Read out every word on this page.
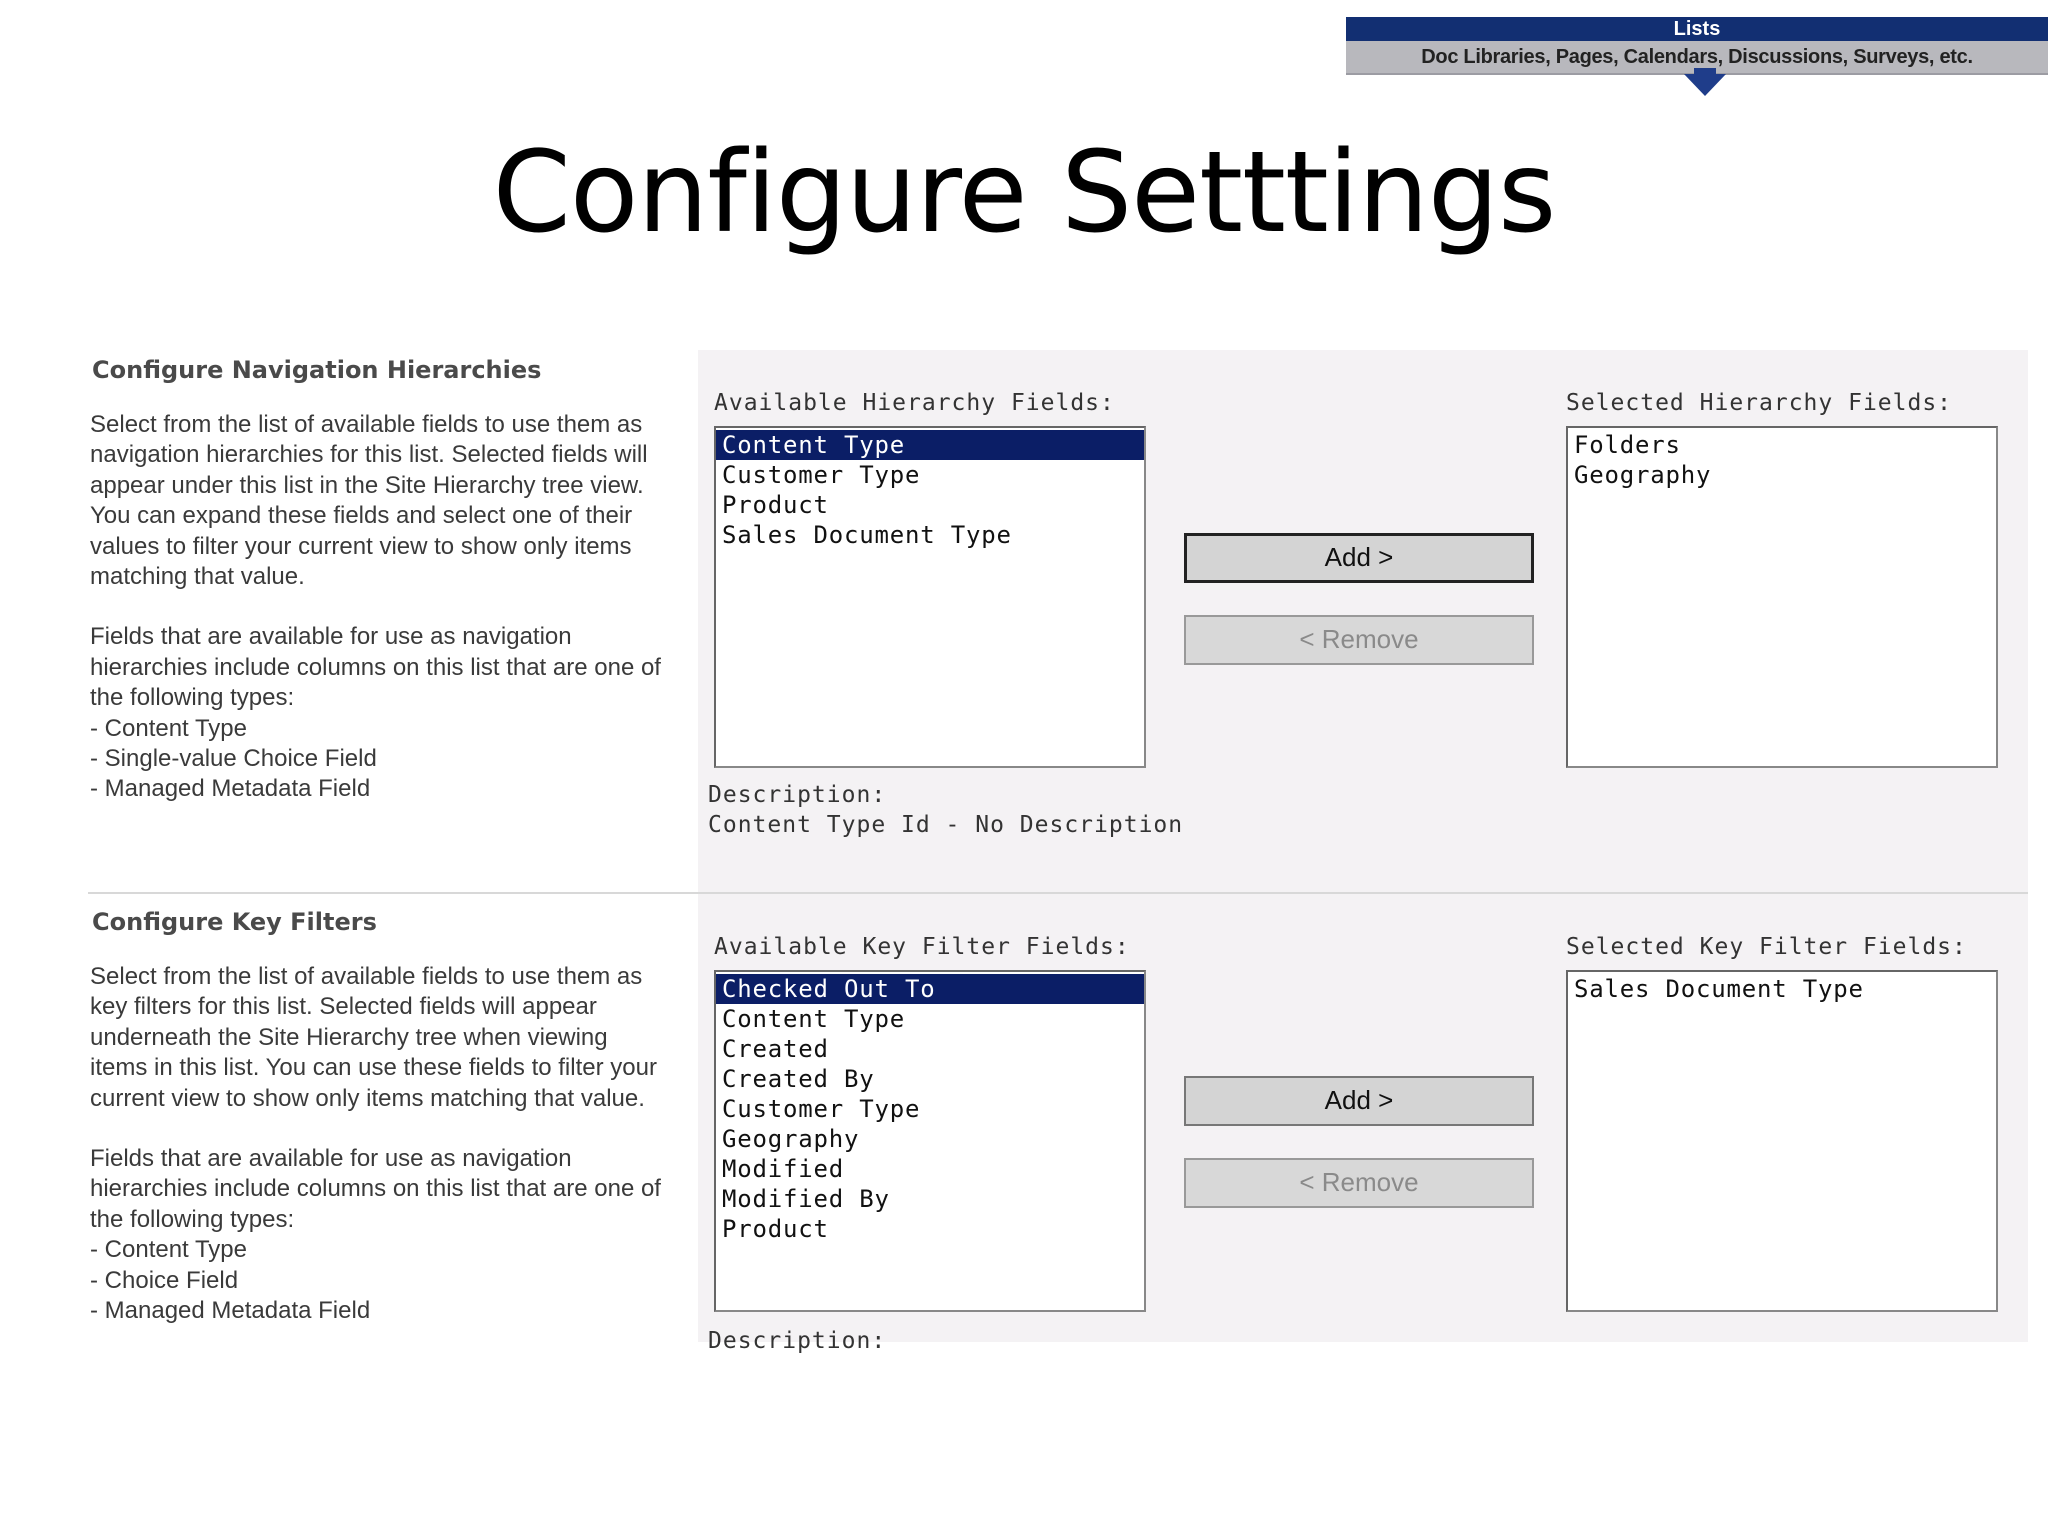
Lists
Doc Libraries, Pages, Calendars, Discussions, Surveys, etc.
Configure Setttings
Configure Navigation Hierarchies

Select from the list of available fields to use them as navigation hierarchies for this list. Selected fields will appear under this list in the Site Hierarchy tree view. You can expand these fields and select one of their values to filter your current view to show only items matching that value.

Fields that are available for use as navigation hierarchies include columns on this list that are one of the following types:
- Content Type
- Single-value Choice Field
- Managed Metadata Field
Available Hierarchy Fields:
Content Type
Customer Type
Product
Sales Document Type
Add >
< Remove
Selected Hierarchy Fields:
Folders
Geography
Description:
Content Type Id - No Description
Configure Key Filters

Select from the list of available fields to use them as key filters for this list. Selected fields will appear underneath the Site Hierarchy tree when viewing items in this list. You can use these fields to filter your current view to show only items matching that value.

Fields that are available for use as navigation hierarchies include columns on this list that are one of the following types:
- Content Type
- Choice Field
- Managed Metadata Field
Available Key Filter Fields:
Checked Out To
Content Type
Created
Created By
Customer Type
Geography
Modified
Modified By
Product
Add >
< Remove
Selected Key Filter Fields:
Sales Document Type
Description:
